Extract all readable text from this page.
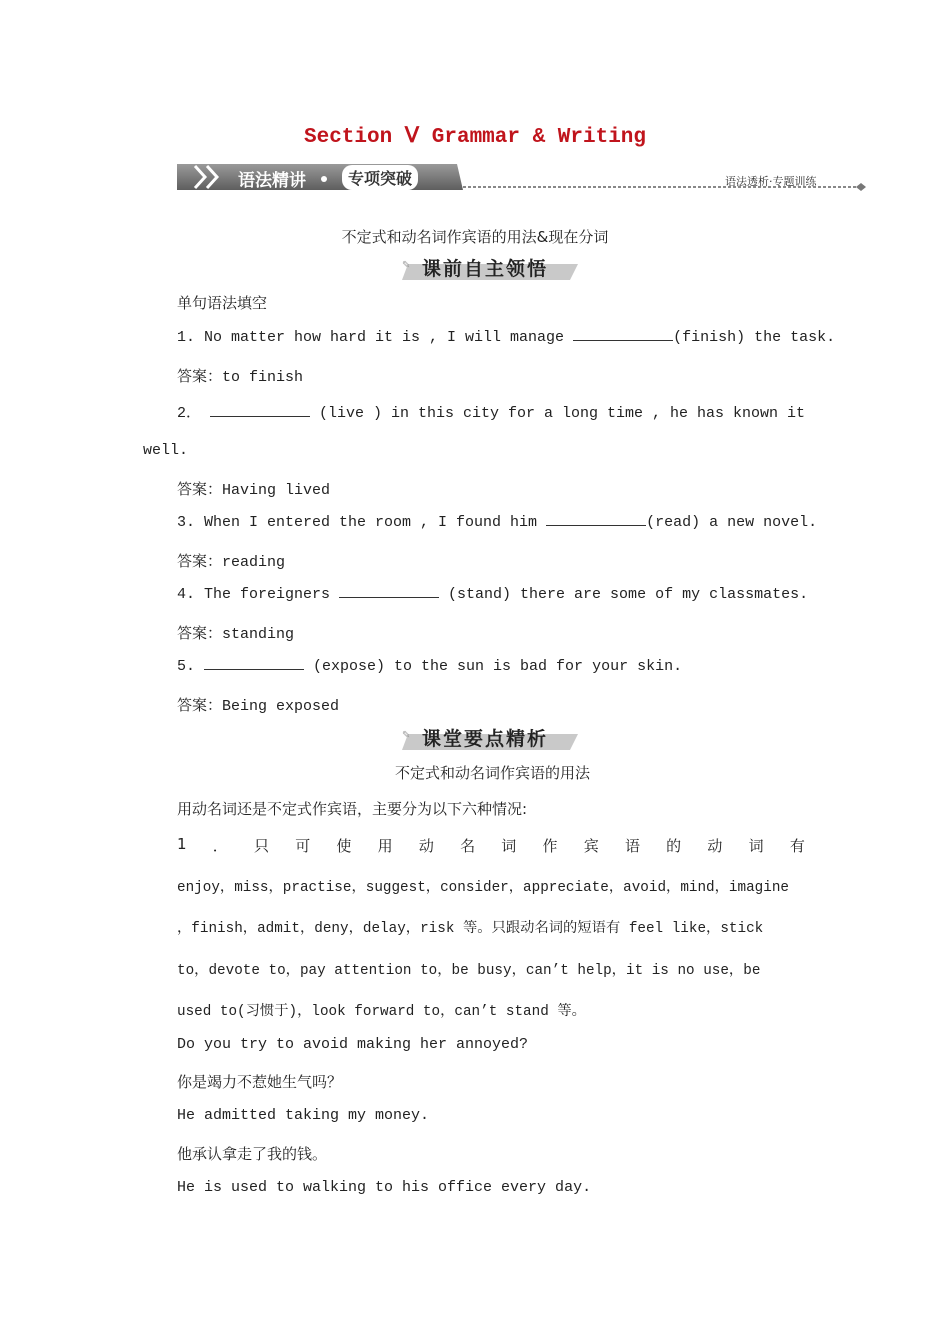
Section Ⅴ Grammar & Writing
语法精讲	专项突破	语法透析·专题训练
不定式和动名词作宾语的用法&现在分词
✎ 课前自主领悟
单句语法填空
1. No matter how hard it is , I will manage	(finish) the task.
答案：to finish
2．	(live ) in this city for a long time , he has known it
well.
答案：Having lived
3. When I entered the room , I found him	(read) a new novel.
答案：reading
4. The foreigners	(stand) there are some of my classmates.
答案：standing
5.	(expose) to the sun is bad for your skin.
答案：Being exposed
✎ 课堂要点精析
不定式和动名词作宾语的用法
用动名词还是不定式作宾语，主要分为以下六种情况:
1 ． 只 可 使 用 动 名 词 作 宾 语 的 动 词 有
enjoy，miss，practise，suggest，consider，appreciate，avoid，mind，imagine
，finish，admit，deny，delay，risk 等。只跟动名词的短语有 feel like，stick
to，devote to，pay attention to，be busy，can’t help，it is no use，be
used to(习惯于)，look forward to，can’t stand 等。
Do you try to avoid making her annoyed?
你是竭力不惹她生气吗？
He admitted taking my money.
他承认拿走了我的钱。
He is used to walking to his office every day.
